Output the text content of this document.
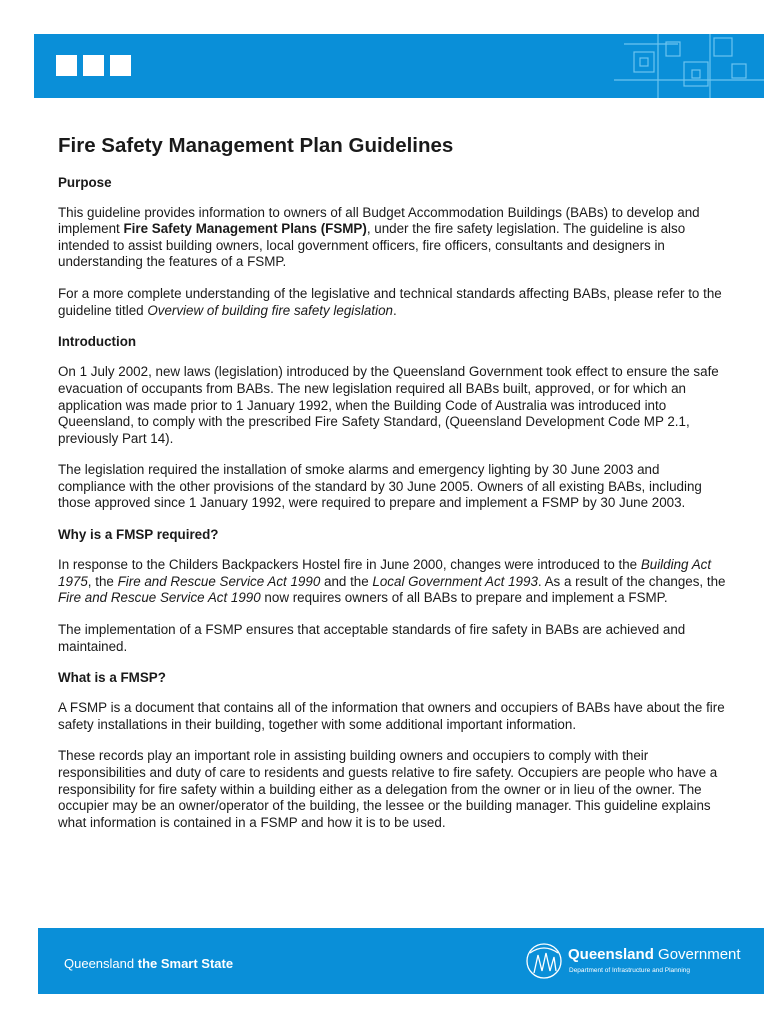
Fire Safety Management Plan Guidelines
Purpose

This guideline provides information to owners of all Budget Accommodation Buildings (BABs) to develop and implement Fire Safety Management Plans (FSMP), under the fire safety legislation. The guideline is also intended to assist building owners, local government officers, fire officers, consultants and designers in understanding the features of a FSMP.

For a more complete understanding of the legislative and technical standards affecting BABs, please refer to the guideline titled Overview of building fire safety legislation.

Introduction

On 1 July 2002, new laws (legislation) introduced by the Queensland Government took effect to ensure the safe evacuation of occupants from BABs. The new legislation required all BABs built, approved, or for which an application was made prior to 1 January 1992, when the Building Code of Australia was introduced into Queensland, to comply with the prescribed Fire Safety Standard, (Queensland Development Code MP 2.1, previously Part 14).

The legislation required the installation of smoke alarms and emergency lighting by 30 June 2003 and compliance with the other provisions of the standard by 30 June 2005. Owners of all existing BABs, including those approved since 1 January 1992, were required to prepare and implement a FSMP by 30 June 2003.

Why is a FMSP required?

In response to the Childers Backpackers Hostel fire in June 2000, changes were introduced to the Building Act 1975, the Fire and Rescue Service Act 1990 and the Local Government Act 1993. As a result of the changes, the Fire and Rescue Service Act 1990 now requires owners of all BABs to prepare and implement a FSMP.

The implementation of a FSMP ensures that acceptable standards of fire safety in BABs are achieved and maintained.

What is a FMSP?

A FSMP is a document that contains all of the information that owners and occupiers of BABs have about the fire safety installations in their building, together with some additional important information.

These records play an important role in assisting building owners and occupiers to comply with their responsibilities and duty of care to residents and guests relative to fire safety. Occupiers are people who have a responsibility for fire safety within a building either as a delegation from the owner or in lieu of the owner. The occupier may be an owner/operator of the building, the lessee or the building manager. This guideline explains what information is contained in a FSMP and how it is to be used.

Queensland the Smart State
Queensland Government
Department of Infrastructure and Planning
